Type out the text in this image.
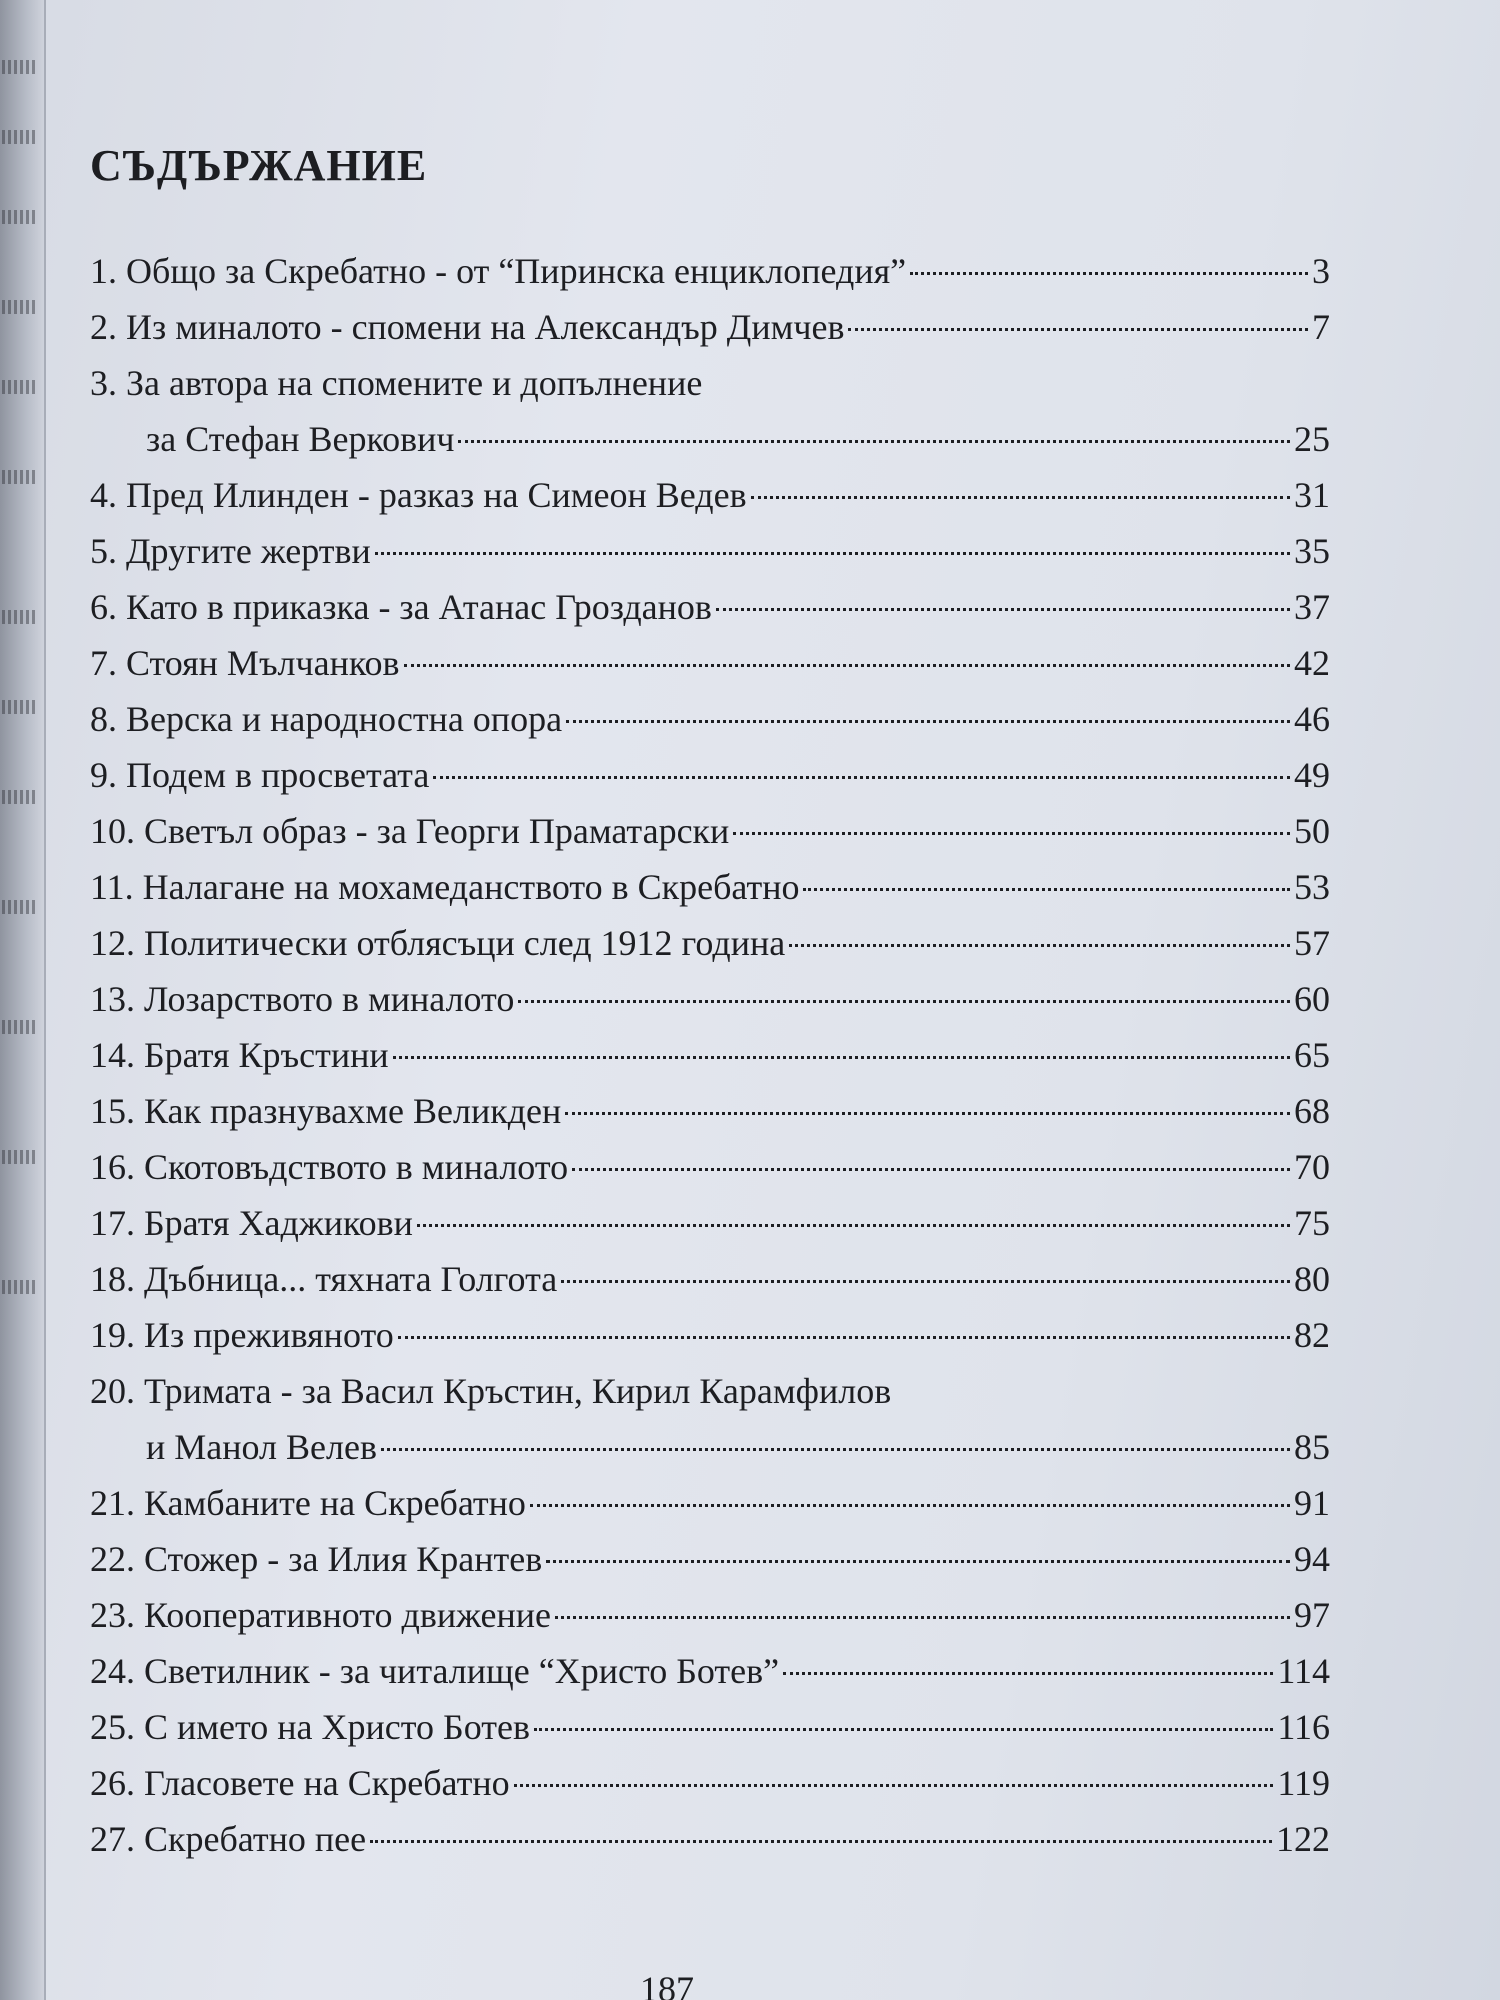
СЪДЪРЖАНИЕ
1. Общо за Скребатно - от “Пиринска енциклопедия”	3
2. Из миналото - спомени на Александър Димчев	7
3. За автора на спомените и допълнение
за Стефан Веркович	25
4. Пред Илинден - разказ на Симеон Ведев	31
5. Другите жертви	35
6. Като в приказка - за Атанас Грозданов	37
7. Стоян Мълчанков	42
8. Верска и народностна опора	46
9. Подем в просветата	49
10. Светъл образ - за Георги Праматарски	50
11. Налагане на мохамеданството в Скребатно	53
12. Политически отблясъци след 1912 година	57
13. Лозарството в миналото	60
14. Братя Кръстини	65
15. Как празнувахме Великден	68
16. Скотовъдството в миналото	70
17. Братя Хаджикови	75
18. Дъбница... тяхната Голгота	80
19. Из преживяното	82
20. Тримата - за Васил Кръстин, Кирил Карамфилов
и Манол Велев	85
21. Камбаните на Скребатно	91
22. Стожер - за Илия Крантев	94
23. Кооперативното движение	97
24. Светилник - за читалище “Христо Ботев”	114
25. С името на Христо Ботев	116
26. Гласовете на Скребатно	119
27. Скребатно пее	122
187
